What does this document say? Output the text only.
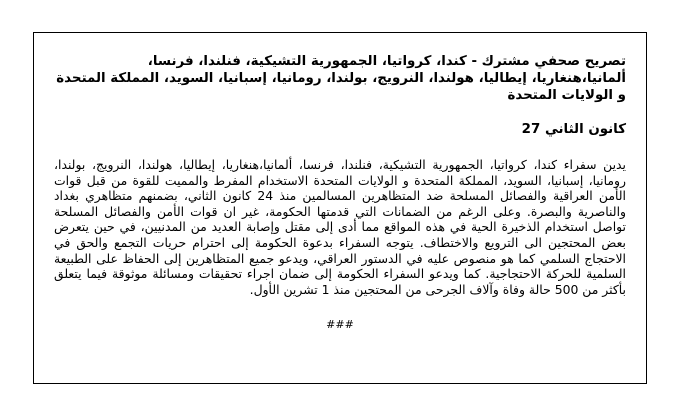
تصريح صحفي مشترك - كندا، كرواتيا، الجمهورية التشيكية، فنلندا، فرنسا، ألمانيا،هنغاريا، إيطاليا، هولندا، النرويج، بولندا، رومانيا، إسبانيا، السويد، المملكة المتحدة و الولايات المتحدة

كانون الثاني 27

يدين سفراء كندا، كرواتيا، الجمهورية التشيكية، فنلندا، فرنسا، ألمانيا،هنغاريا، إيطاليا، هولندا، النرويج، بولندا، رومانيا، إسبانيا، السويد، المملكة المتحدة و الولايات المتحدة الاستخدام المفرط والمميت للقوة من قبل قوات الأمن العراقية والفصائل المسلحة ضد المتظاهرين المسالمين منذ 24 كانون الثاني، بضمنهم متظاهري بغداد والناصرية والبصرة. وعلى الرغم من الضمانات التي قدمتها الحكومة، غير ان قوات الأمن والفصائل المسلحة تواصل استخدام الذخيرة الحية في هذه المواقع مما أدى إلى مقتل وإصابة العديد من المدنيين، في حين يتعرض بعض المحتجين الى الترويع والاختطاف. يتوجه السفراء بدعوة الحكومة إلى احترام حريات التجمع والحق في الاحتجاج السلمي كما هو منصوص عليه في الدستور العراقي، ويدعو جميع المتظاهرين إلى الحفاظ على الطبيعة السلمية للحركة الاحتجاجية. كما ويدعو السفراء الحكومة إلى ضمان اجراء تحقيقات ومسائلة موثوقة فيما يتعلق بأكثر من 500 حالة وفاة وآلاف الجرحى من المحتجين منذ 1 تشرين الأول.

###
